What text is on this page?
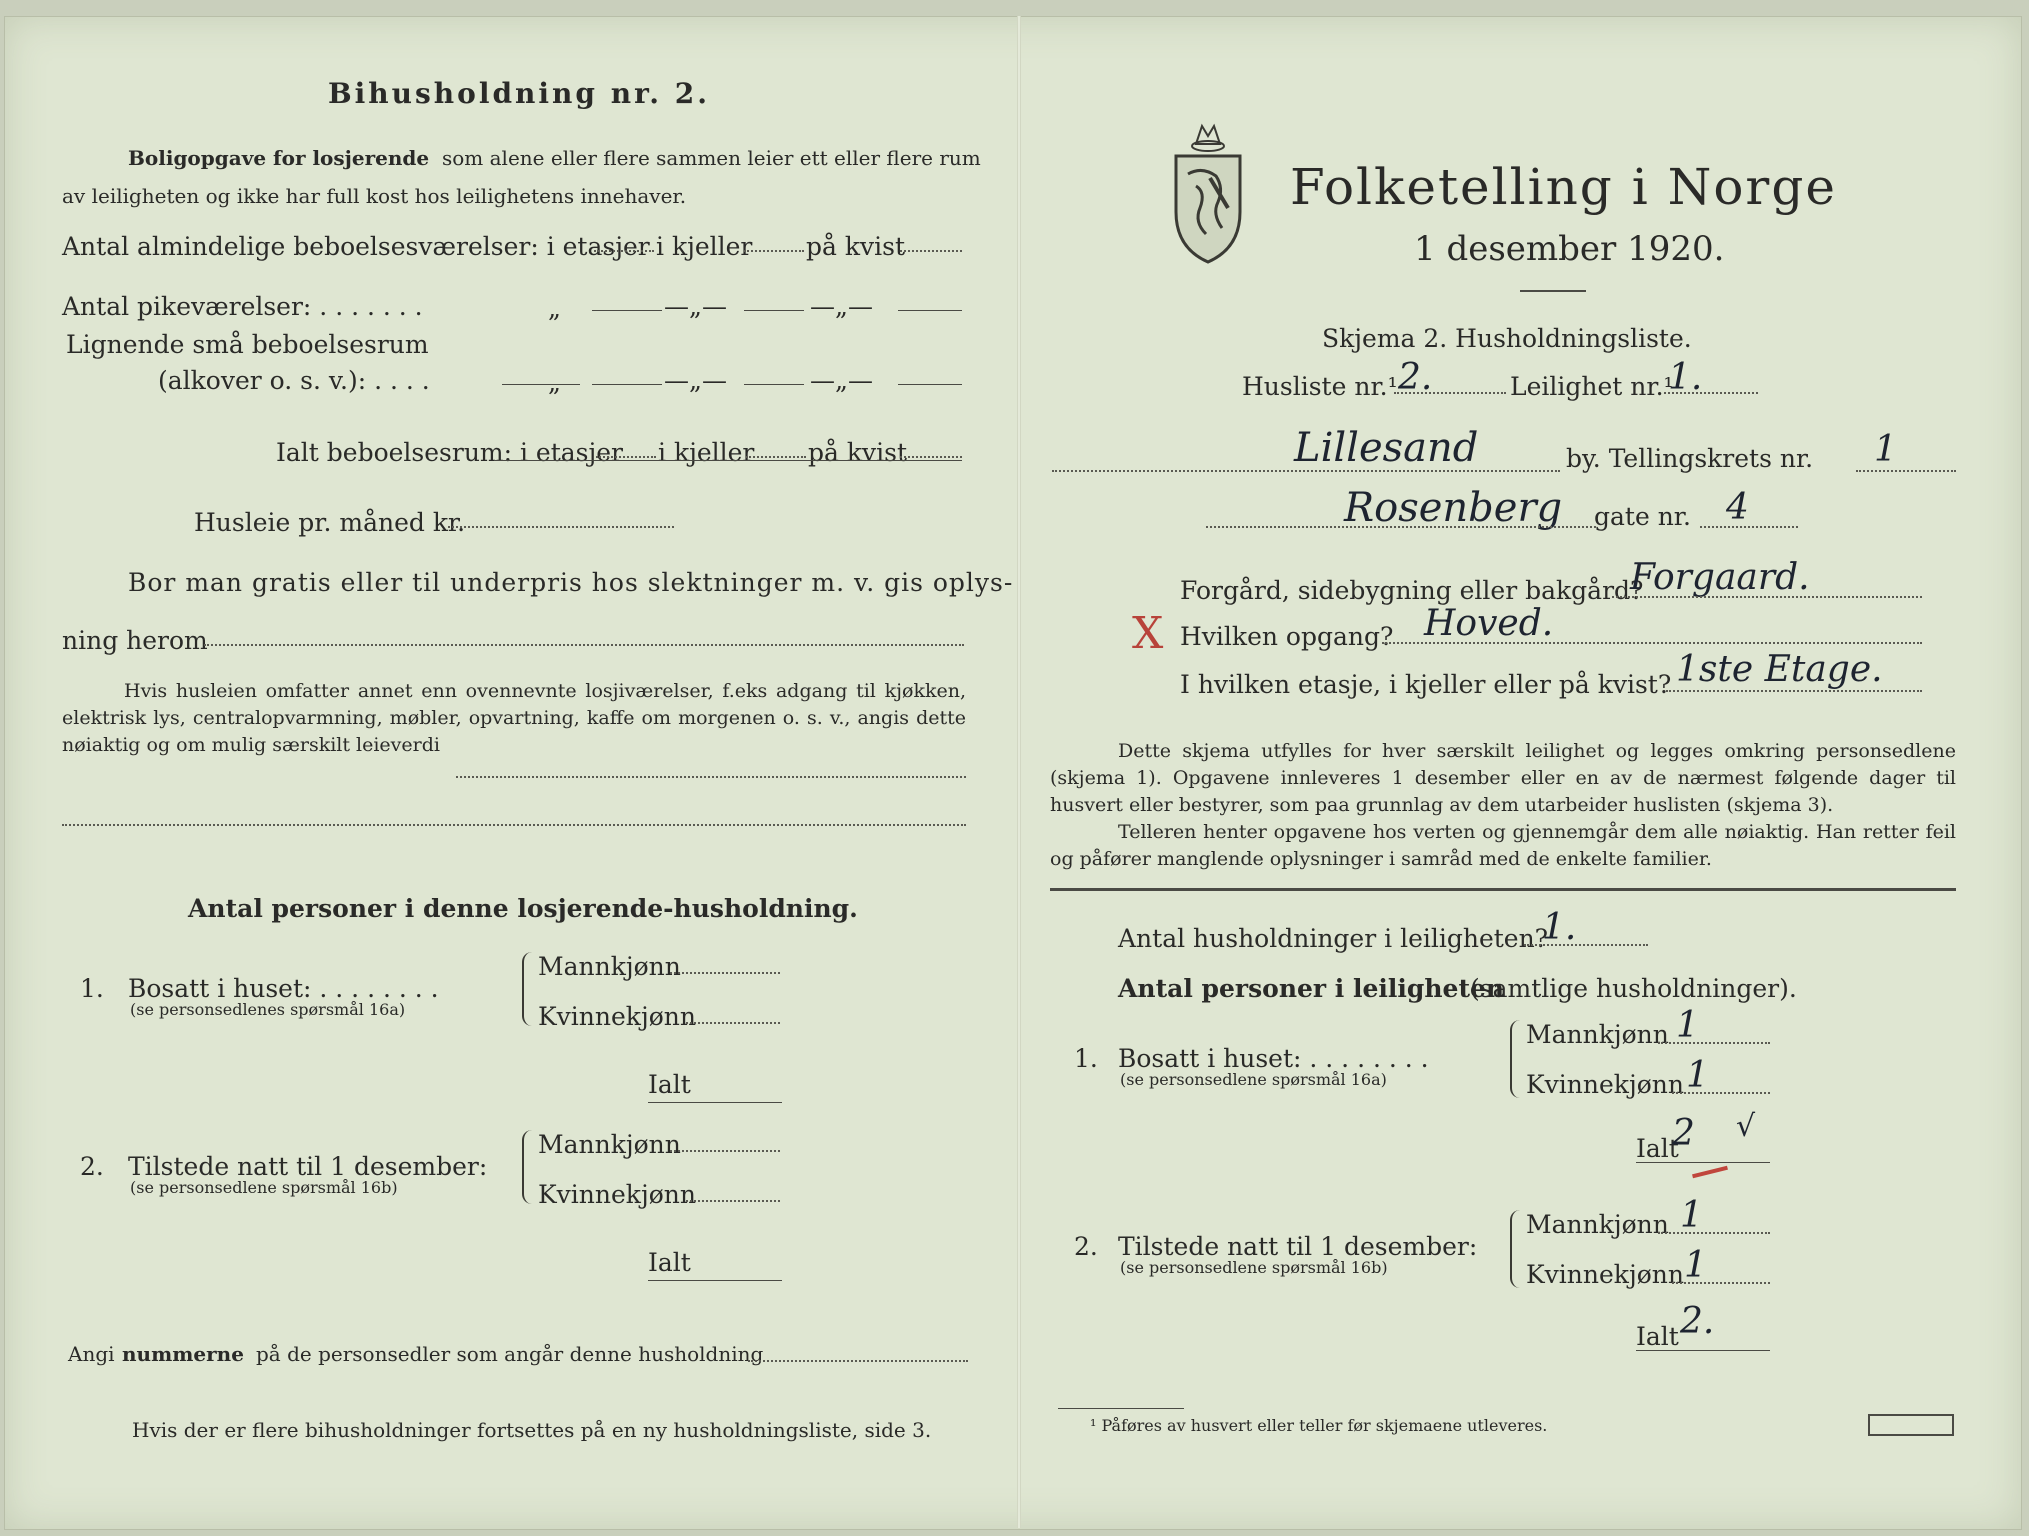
Bihusholdning nr. 2.
Boligopgave for losjerende som alene eller flere sammen leier ett eller flere rum
av leiligheten og ikke har full kost hos leilighetens innehaver.
Antal almindelige beboelsesværelser: i etasjer i kjeller på kvist
Antal pikeværelser: . . . . . . .	„	—„—	—„—
Lignende små beboelsesrum
(alkover o. s. v.): . . . .	„	—„—	—„—
Ialt beboelsesrum: i etasjer i kjeller på kvist
Husleie pr. måned kr.
Bor man gratis eller til underpris hos slektninger m. v. gis oplys-
ning herom
Hvis husleien omfatter annet enn ovennevnte losjiværelser, f.eks adgang til kjøkken, elektrisk lys, centralopvarmning, møbler, opvartning, kaffe om morgenen o. s. v., angis dette nøiaktig og om mulig særskilt leieverdi
Antal personer i denne losjerende-husholdning.
1. Bosatt i huset: . . . . . . . .
(se personsedlenes spørsmål 16a)
Mannkjønn
Kvinnekjønn
Ialt
2. Tilstede natt til 1 desember:
(se personsedlene spørsmål 16b)
Mannkjønn
Kvinnekjønn
Ialt
Angi nummerne på de personsedler som angår denne husholdning
Hvis der er flere bihusholdninger fortsettes på en ny husholdningsliste, side 3.
Folketelling i Norge
1 desember 1920.
Skjema 2. Husholdningsliste.
Husliste nr.¹ 2.	Leilighet nr.¹
1.
Lillesand	by. Tellingskrets nr. 1
Rosenberg gate nr. 4
Forgård, sidebygning eller bakgård?
Forgaard.
X Hvilken opgang? Hoved.
I hvilken etasje, i kjeller eller på kvist? 1ste Etage.
Dette skjema utfylles for hver særskilt leilighet og legges omkring personsedlene (skjema 1). Opgavene innleveres 1 desember eller en av de nærmest følgende dager til husvert eller bestyrer, som paa grunnlag av dem utarbeider huslisten (skjema 3).
Telleren henter opgavene hos verten og gjennemgår dem alle nøiaktig. Han retter feil og påfører manglende oplysninger i samråd med de enkelte familier.
Antal husholdninger i leiligheten?
1.
Antal personer i leiligheten
(samtlige husholdninger).
1. Bosatt i huset: . . . . . . . .
(se personsedlene spørsmål 16a)
Mannkjønn 1
Kvinnekjønn 1
Ialt
2 √
2. Tilstede natt til 1 desember:
(se personsedlene spørsmål 16b)
Mannkjønn 1
Kvinnekjønn 1
Ialt 2.
¹ Påføres av husvert eller teller før skjemaene utleveres.
